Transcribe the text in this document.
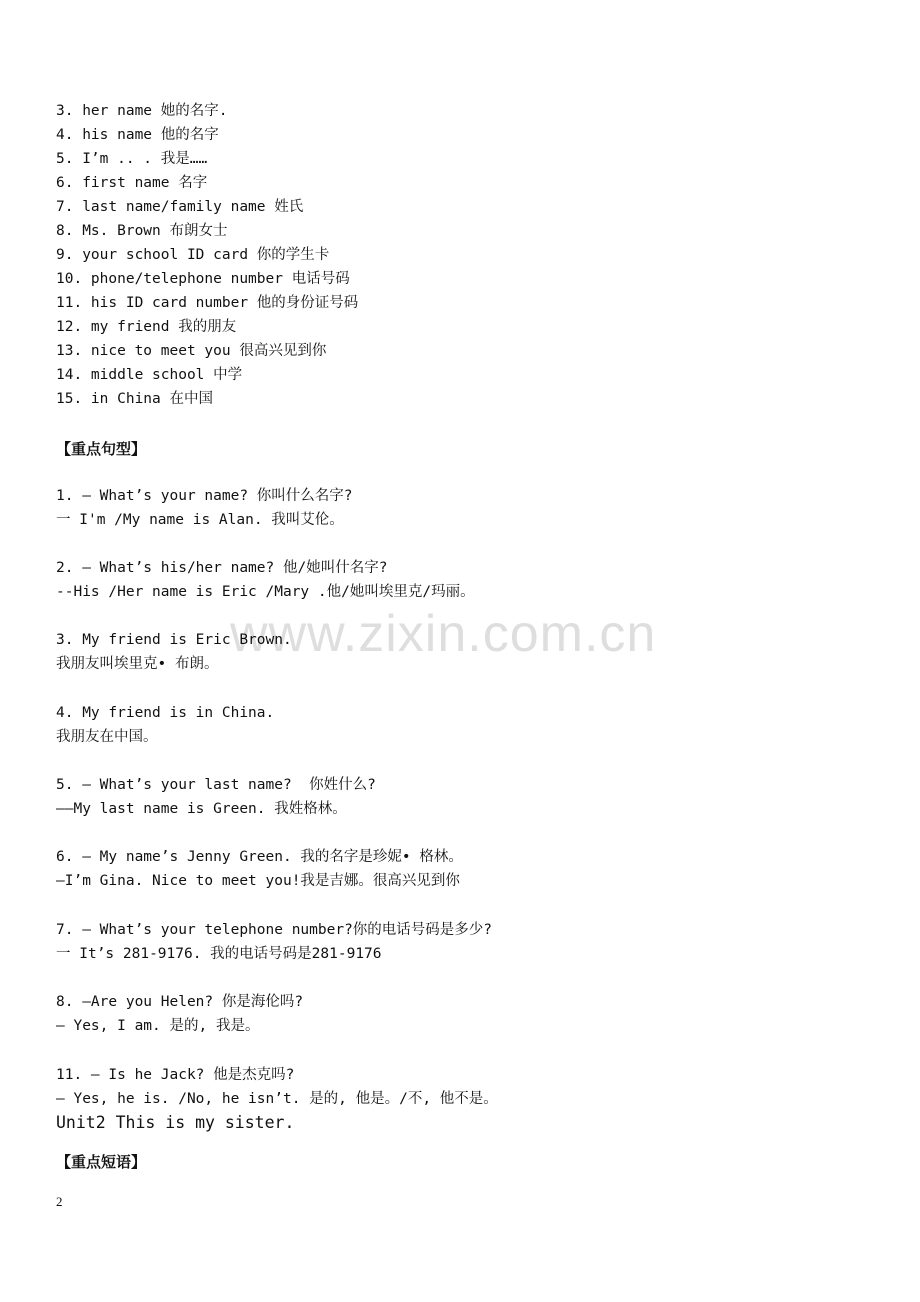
3. her name 她的名字.
4. his name 他的名字
5. I’m .. . 我是……
6. first name 名字
7. last name/family name 姓氏
8. Ms. Brown 布朗女士
9. your school ID card 你的学生卡
10. phone/telephone number 电话号码
11. his ID card number 他的身份证号码
12. my friend 我的朋友
13. nice to meet you 很高兴见到你
14. middle school 中学
15. in China 在中国
【重点句型】
1. — What’s your name? 你叫什么名字?
一 I'm /My name is Alan. 我叫艾伦。
2. — What’s his/her name? 他/她叫什名字?
--His /Her name is Eric /Mary .他/她叫埃里克/玛丽。
3. My friend is Eric Brown.
我朋友叫埃里克• 布朗。
4. My friend is in China.
我朋友在中国。
5. — What’s your last name?  你姓什么?
——My last name is Green. 我姓格林。
6. — My name’s Jenny Green. 我的名字是珍妮• 格林。
—I’m Gina. Nice to meet you!我是吉娜。很高兴见到你
7. — What’s your telephone number?你的电话号码是多少?
一 It’s 281-9176. 我的电话号码是281-9176
8. —Are you Helen? 你是海伦吗?
— Yes, I am. 是的, 我是。
11. — Is he Jack? 他是杰克吗?
— Yes, he is. /No, he isn’t. 是的, 他是。/不, 他不是。
Unit2 This is my sister.
【重点短语】
www.zixin.com.cn
2
